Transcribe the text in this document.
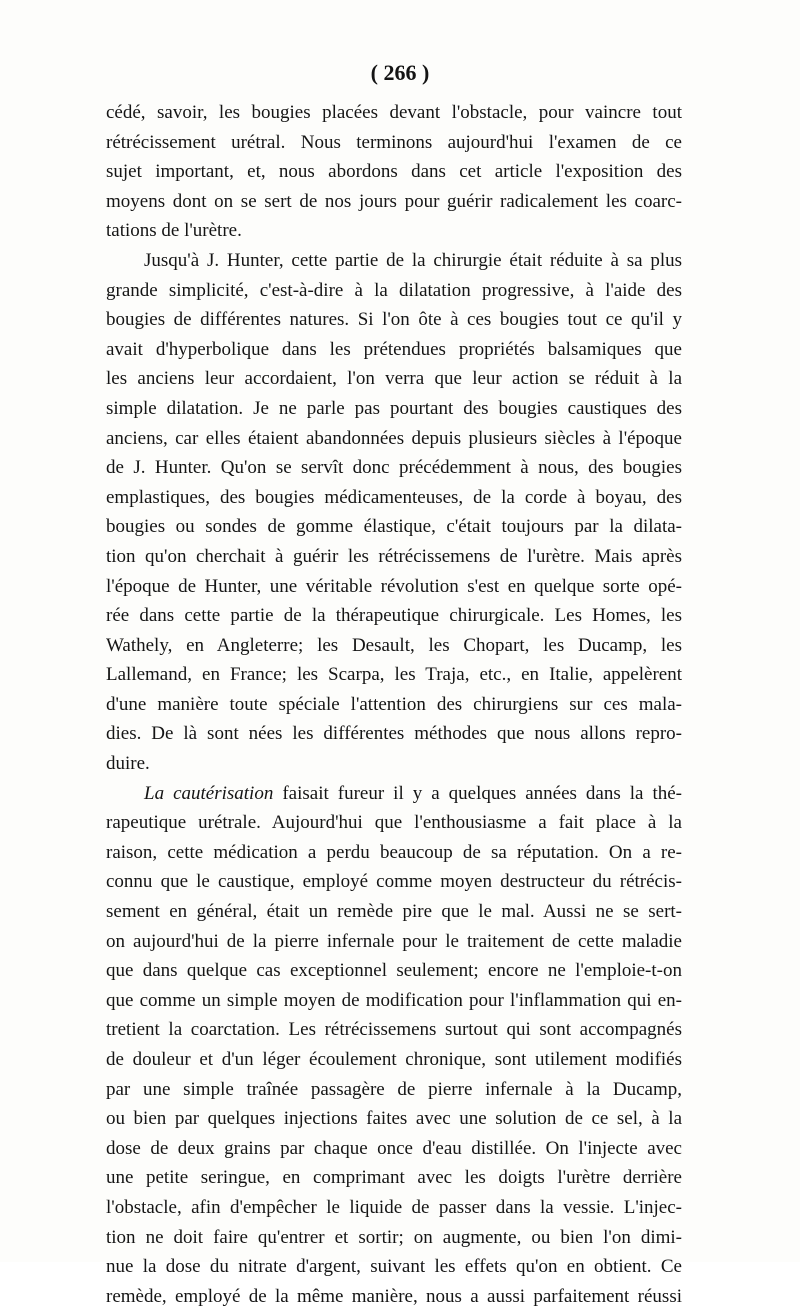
( 266 )
cédé, savoir, les bougies placées devant l'obstacle, pour vaincre tout
rétrécissement urétral. Nous terminons aujourd'hui l'examen de ce
sujet important, et, nous abordons dans cet article l'exposition des
moyens dont on se sert de nos jours pour guérir radicalement les coarc-
tations de l'urètre.
Jusqu'à J. Hunter, cette partie de la chirurgie était réduite à sa plus
grande simplicité, c'est-à-dire à la dilatation progressive, à l'aide des
bougies de différentes natures. Si l'on ôte à ces bougies tout ce qu'il y
avait d'hyperbolique dans les prétendues propriétés balsamiques que
les anciens leur accordaient, l'on verra que leur action se réduit à la
simple dilatation. Je ne parle pas pourtant des bougies caustiques des
anciens, car elles étaient abandonnées depuis plusieurs siècles à l'époque
de J. Hunter. Qu'on se servît donc précédemment à nous, des bougies
emplastiques, des bougies médicamenteuses, de la corde à boyau, des
bougies ou sondes de gomme élastique, c'était toujours par la dilata-
tion qu'on cherchait à guérir les rétrécissemens de l'urètre. Mais après
l'époque de Hunter, une véritable révolution s'est en quelque sorte opé-
rée dans cette partie de la thérapeutique chirurgicale. Les Homes, les
Wathely, en Angleterre; les Desault, les Chopart, les Ducamp, les
Lallemand, en France; les Scarpa, les Traja, etc., en Italie, appelèrent
d'une manière toute spéciale l'attention des chirurgiens sur ces mala-
dies. De là sont nées les différentes méthodes que nous allons repro-
duire.
La cautérisation faisait fureur il y a quelques années dans la thé-
rapeutique urétrale. Aujourd'hui que l'enthousiasme a fait place à la
raison, cette médication a perdu beaucoup de sa réputation. On a re-
connu que le caustique, employé comme moyen destructeur du rétrécis-
sement en général, était un remède pire que le mal. Aussi ne se sert-
on aujourd'hui de la pierre infernale pour le traitement de cette maladie
que dans quelque cas exceptionnel seulement; encore ne l'emploie-t-on
que comme un simple moyen de modification pour l'inflammation qui en-
tretient la coarctation. Les rétrécissemens surtout qui sont accompagnés
de douleur et d'un léger écoulement chronique, sont utilement modifiés
par une simple traînée passagère de pierre infernale à la Ducamp,
ou bien par quelques injections faites avec une solution de ce sel, à la
dose de deux grains par chaque once d'eau distillée. On l'injecte avec
une petite seringue, en comprimant avec les doigts l'urètre derrière
l'obstacle, afin d'empêcher le liquide de passer dans la vessie. L'injec-
tion ne doit faire qu'entrer et sortir; on augmente, ou bien l'on dimi-
nue la dose du nitrate d'argent, suivant les effets qu'on en obtient. Ce
remède, employé de la même manière, nous a aussi parfaitement réussi
